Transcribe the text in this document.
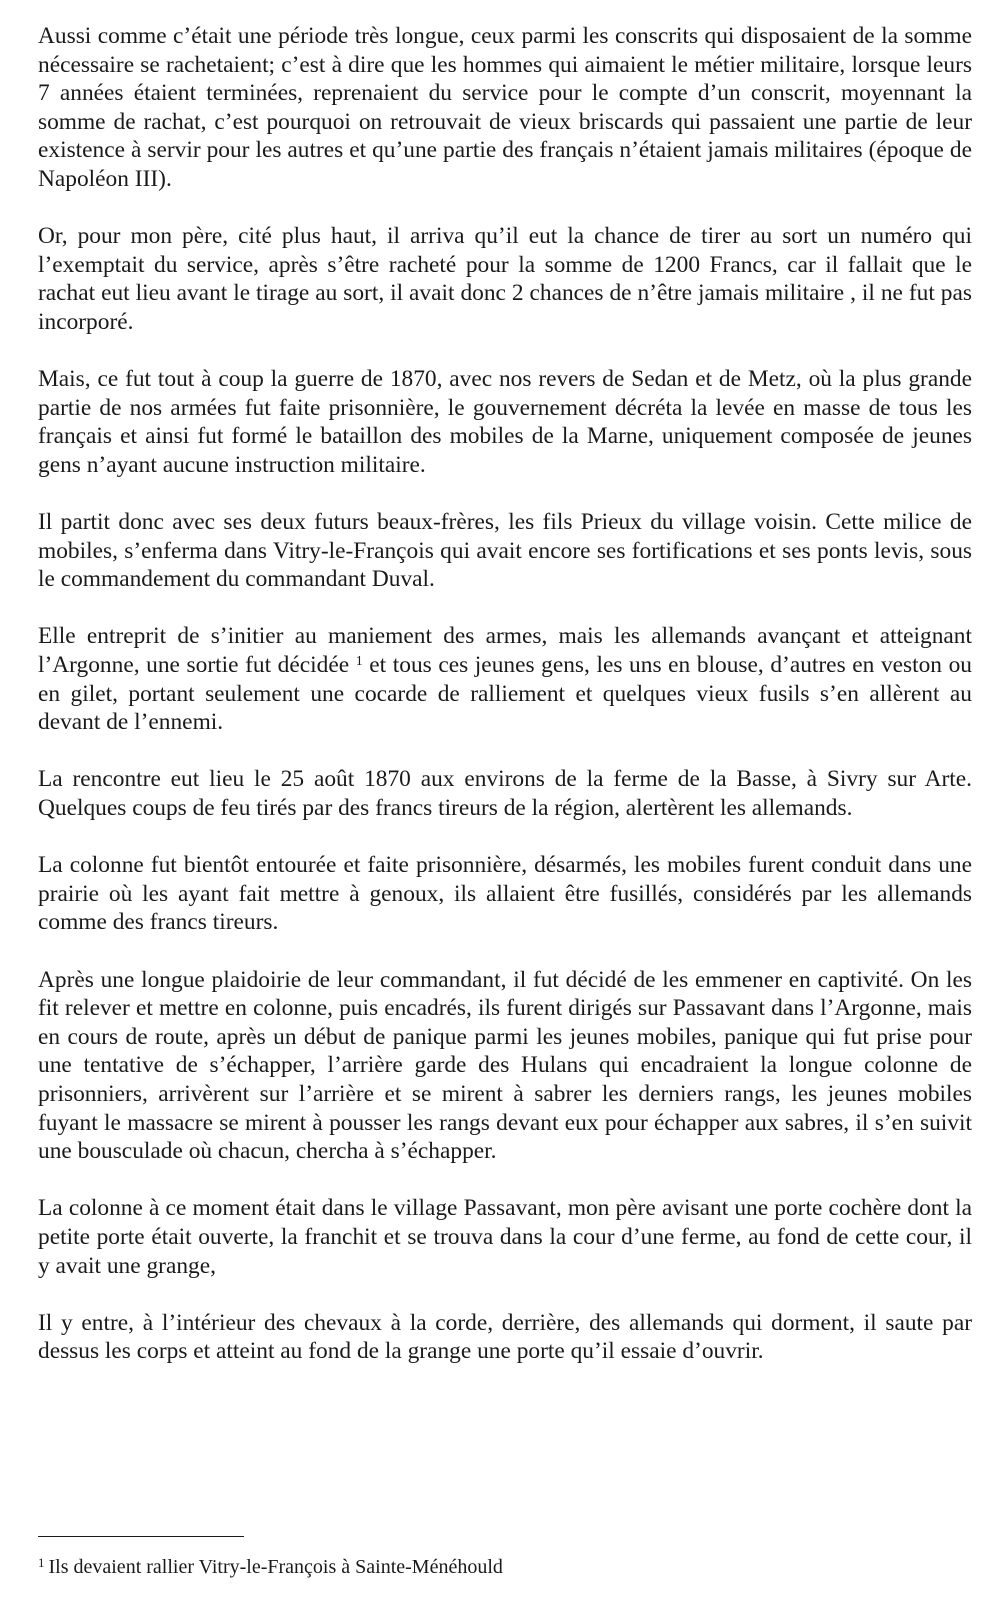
Aussi comme c’était une période très longue, ceux parmi les conscrits qui disposaient de la somme nécessaire se rachetaient; c’est à dire que les hommes qui aimaient le métier militaire, lorsque leurs 7 années étaient terminées, reprenaient du service pour le compte d’un conscrit, moyennant la somme de rachat, c’est pourquoi on retrouvait de vieux briscards qui passaient une partie de leur existence à servir pour les autres et qu’une partie des français n’étaient jamais militaires (époque de Napoléon III).

Or, pour mon père, cité plus haut, il arriva qu’il eut la chance de tirer au sort un numéro qui l’exemptait du service, après s’être racheté pour la somme de 1200 Francs, car il fallait que le rachat eut lieu avant le tirage au sort, il avait donc 2 chances de n’être jamais militaire , il ne fut pas incorporé.

Mais, ce fut tout à coup la guerre de 1870, avec nos revers de Sedan et de Metz, où la plus grande partie de nos armées fut faite prisonnière, le gouvernement décréta la levée en masse de tous les français et ainsi fut formé le bataillon des mobiles de la Marne, uniquement composée de jeunes gens n’ayant aucune instruction militaire.

Il partit donc avec ses deux futurs beaux-frères, les fils Prieux du village voisin. Cette milice de mobiles, s’enferma dans Vitry-le-François qui avait encore ses fortifications et ses ponts levis, sous le commandement du commandant Duval.

Elle entreprit de s’initier au maniement des armes, mais les allemands avançant et atteignant l’Argonne, une sortie fut décidée $^1$ et tous ces jeunes gens, les uns en blouse, d’autres en veston ou en gilet, portant seulement une cocarde de ralliement et quelques vieux fusils s’en allèrent au devant de l’ennemi.

La rencontre eut lieu le 25 août 1870 aux environs de la ferme de la Basse, à Sivry sur Arte. Quelques coups de feu tirés par des francs tireurs de la région, alertèrent les allemands.

La colonne fut bientôt entourée et faite prisonnière, désarmés, les mobiles furent conduit dans une prairie où les ayant fait mettre à genoux, ils allaient être fusillés, considérés par les allemands comme des francs tireurs.

Après une longue plaidoirie de leur commandant, il fut décidé de les emmener en captivité. On les fit relever et mettre en colonne, puis encadrés, ils furent dirigés sur Passavant dans l’Argonne, mais en cours de route, après un début de panique parmi les jeunes mobiles, panique qui fut prise pour une tentative de s’échapper, l’arrière garde des Hulans qui encadraient la longue colonne de prisonniers, arrivèrent sur l’arrière et se mirent à sabrer les derniers rangs, les jeunes mobiles fuyant le massacre se mirent à pousser les rangs devant eux pour échapper aux sabres, il s’en suivit une bousculade où chacun, chercha à s’échapper.

La colonne à ce moment était dans le village Passavant, mon père avisant une porte cochère dont la petite porte était ouverte, la franchit et se trouva dans la cour d’une ferme, au fond de cette cour, il y avait une grange,

Il y entre, à l’intérieur des chevaux à la corde, derrière, des allemands qui dorment, il saute par dessus les corps et atteint au fond de la grange une porte qu’il essaie d’ouvrir.

$^1$ Ils devaient rallier Vitry-le-François à Sainte-Ménéhould
